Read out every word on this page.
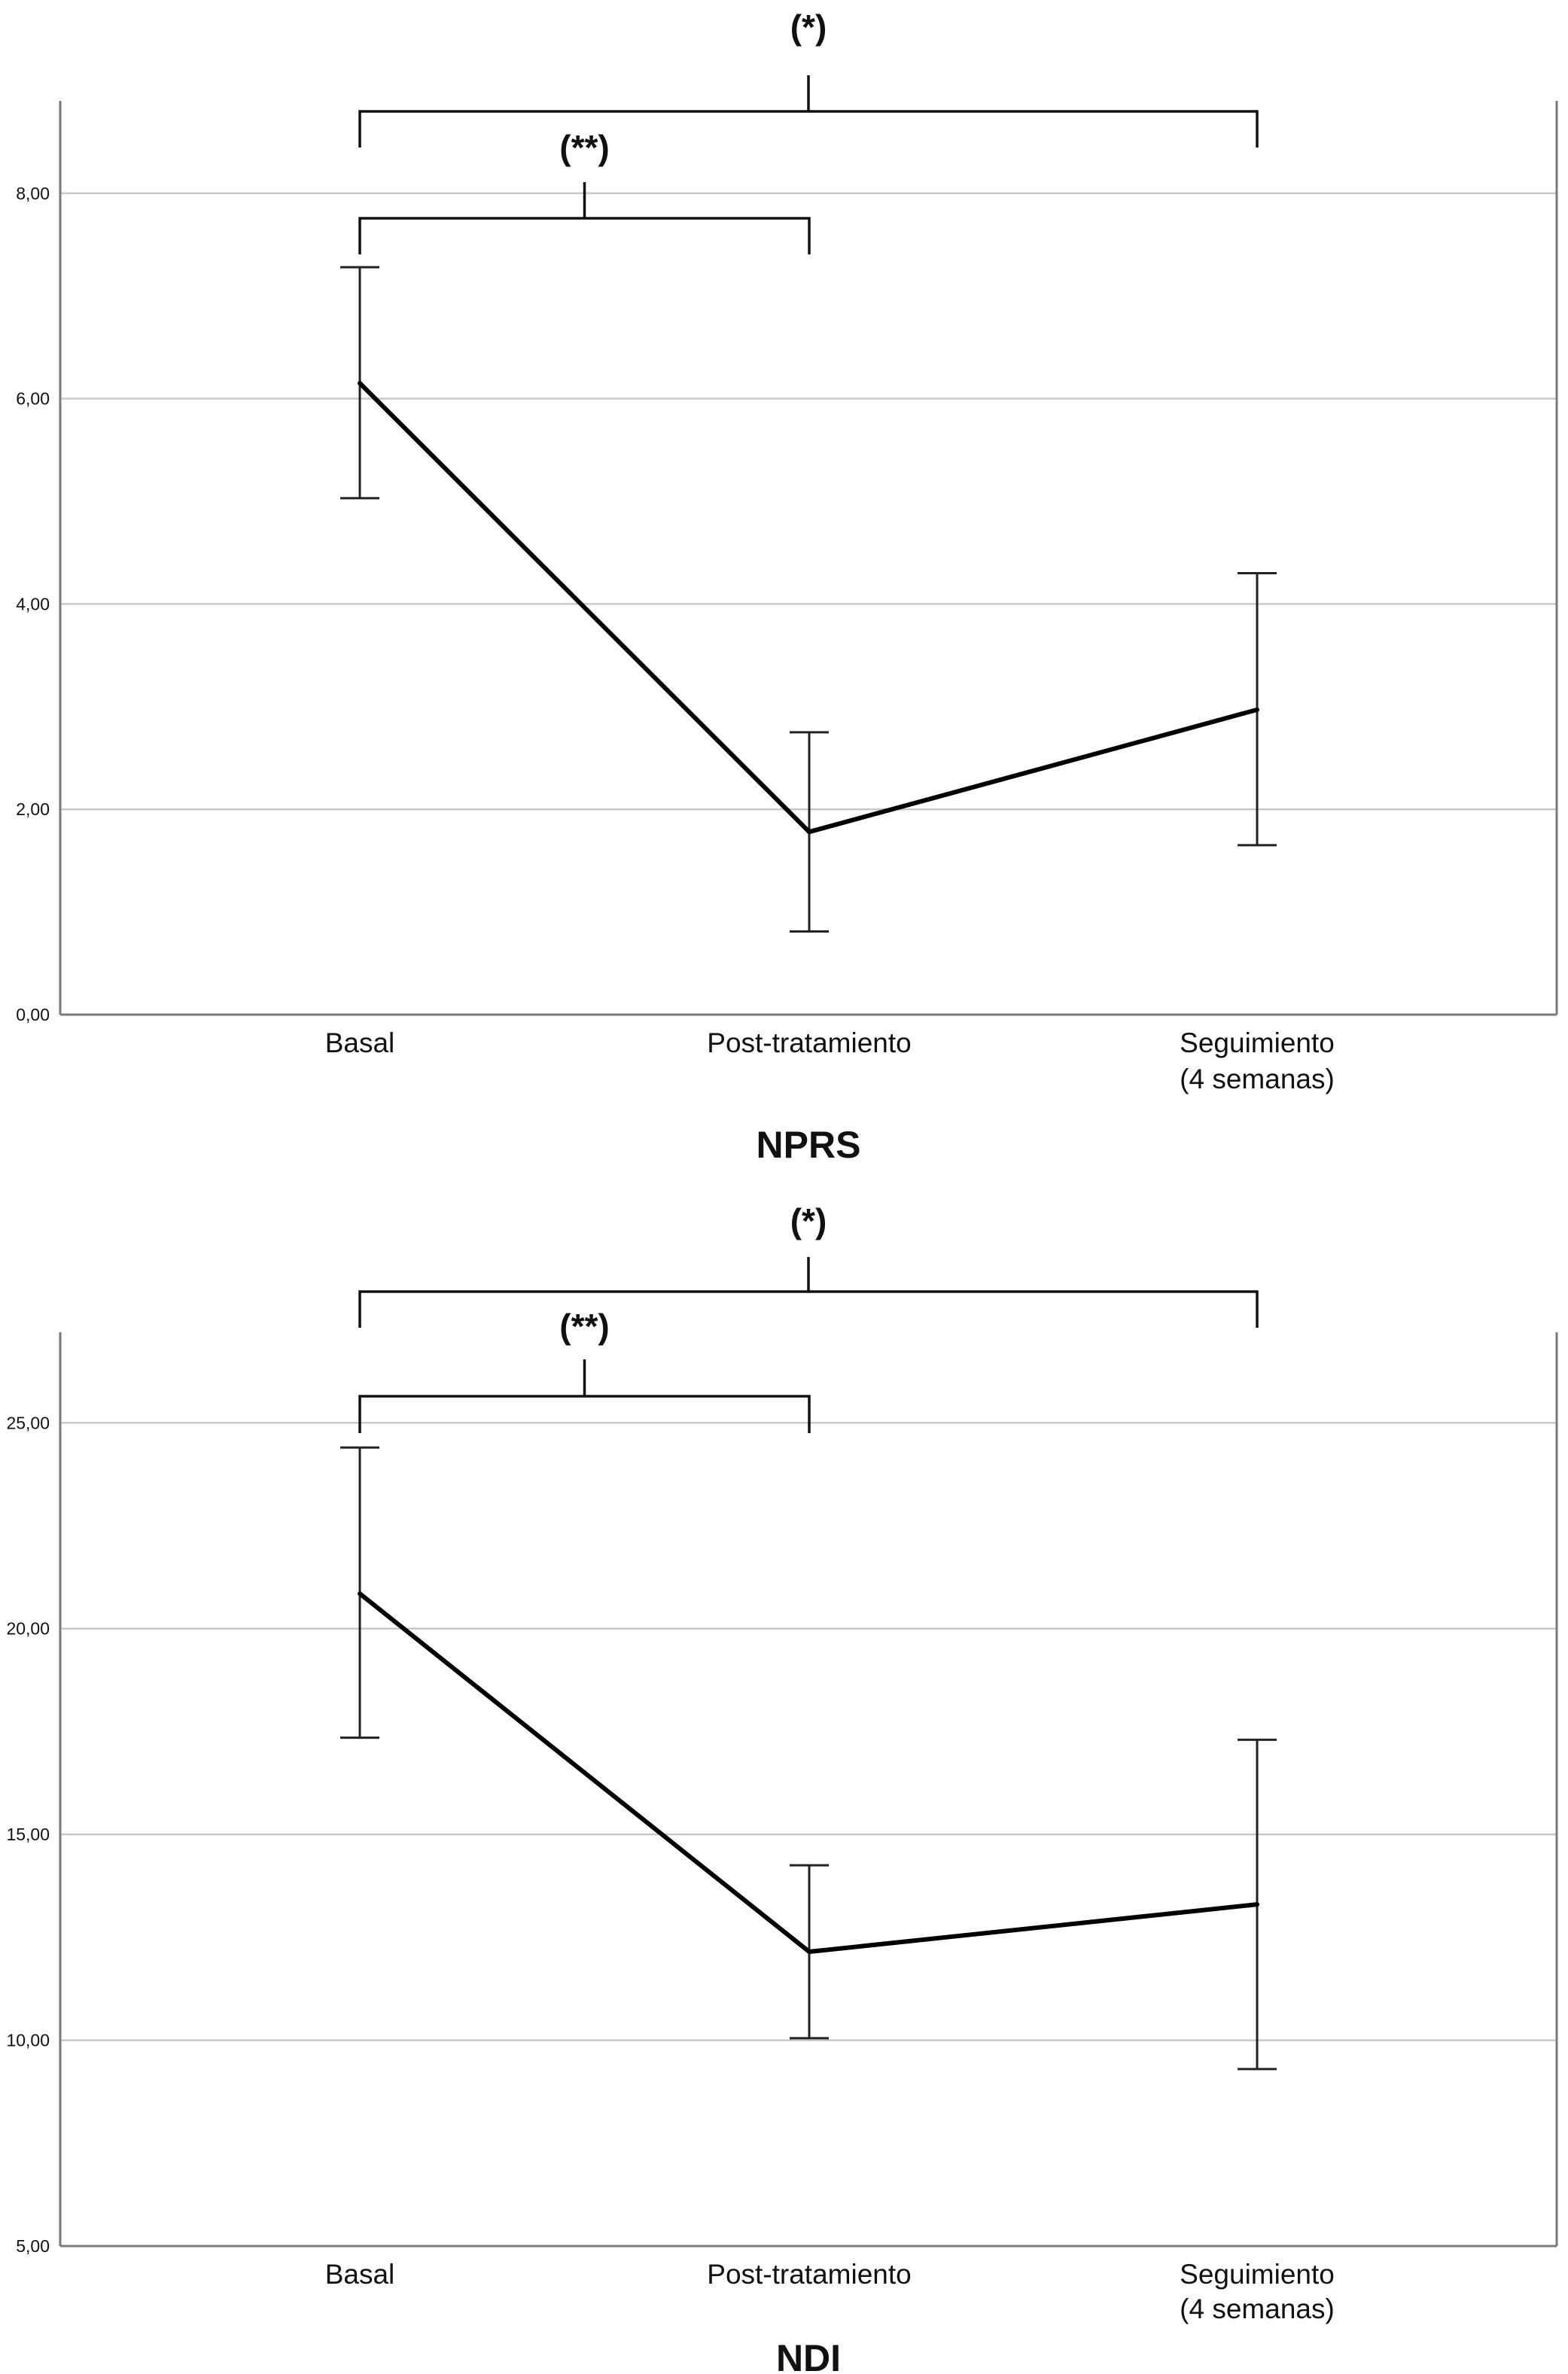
0,00
2,00
4,00
6,00
8,00
Basal	Post-tratamiento	Seguimiento
(4 semanas)
(**)
(*)
NPRS
5,00
10,00
15,00
20,00
25,00
Basal	Post-tratamiento	Seguimiento
(4 semanas)
(**)
(*)
NDI
